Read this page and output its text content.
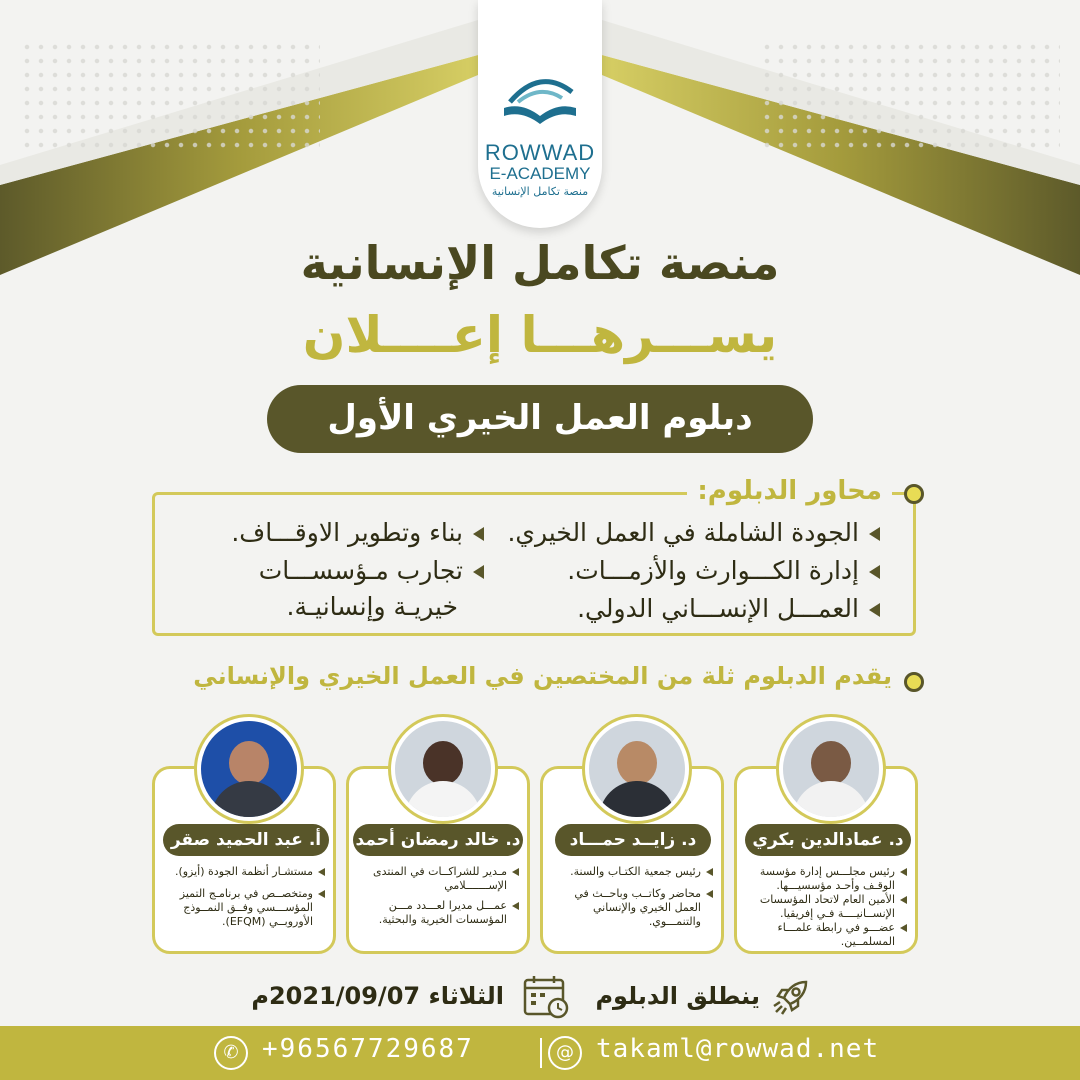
ROWWAD
E-ACADEMY
منصة تكامل الإنسانية
منصة تكامل الإنسانية
يســـرهـــا إعــــلان
دبلوم العمل الخيري الأول
محاور الدبلوم:
الجودة الشاملة في العمل الخيري.
إدارة الكـــوارث والأزمـــات.
العمـــل الإنســـاني الدولي.
بناء وتطوير الاوقـــاف.
تجارب مـؤسســـات
خيريـة وإنسانيـة.
يقدم الدبلوم ثلة من المختصين في العمل الخيري والإنساني
د. عمادالدين بكري
رئيس مجلـــس إدارة مؤسسة الوقـف وأحـد مؤسسيـــها.
الأمين العام لاتحاد المؤسسات الإنســانيــــة فـي إفريقيا.
عضـــو في رابطة علمـــاء المسلمــين.
د. زايــد حمـــاد
رئيس جمعية الكتـاب والسنة.
محاضر وكاتــب وباحــث في العمل الخيري والإنساني والتنمـــوي.
د. خالد رمضان أحمد
مـدير للشراكــات في المنتدى الإســـــــلامي
عمـــل مديرا لعـــدد مـــن المؤسسات الخيرية والبحثية.
أ. عبد الحميد صقر
مستشـار أنظمة الجودة (أيزو).
ومتخصــص في برنامـج التميز المؤســـسي وفــق النمــوذج الأوروبــي (EFQM).
ينطلق الدبلوم
الثلاثاء 2021/09/07م
✆ +96567729687	@ takaml@rowwad.net
